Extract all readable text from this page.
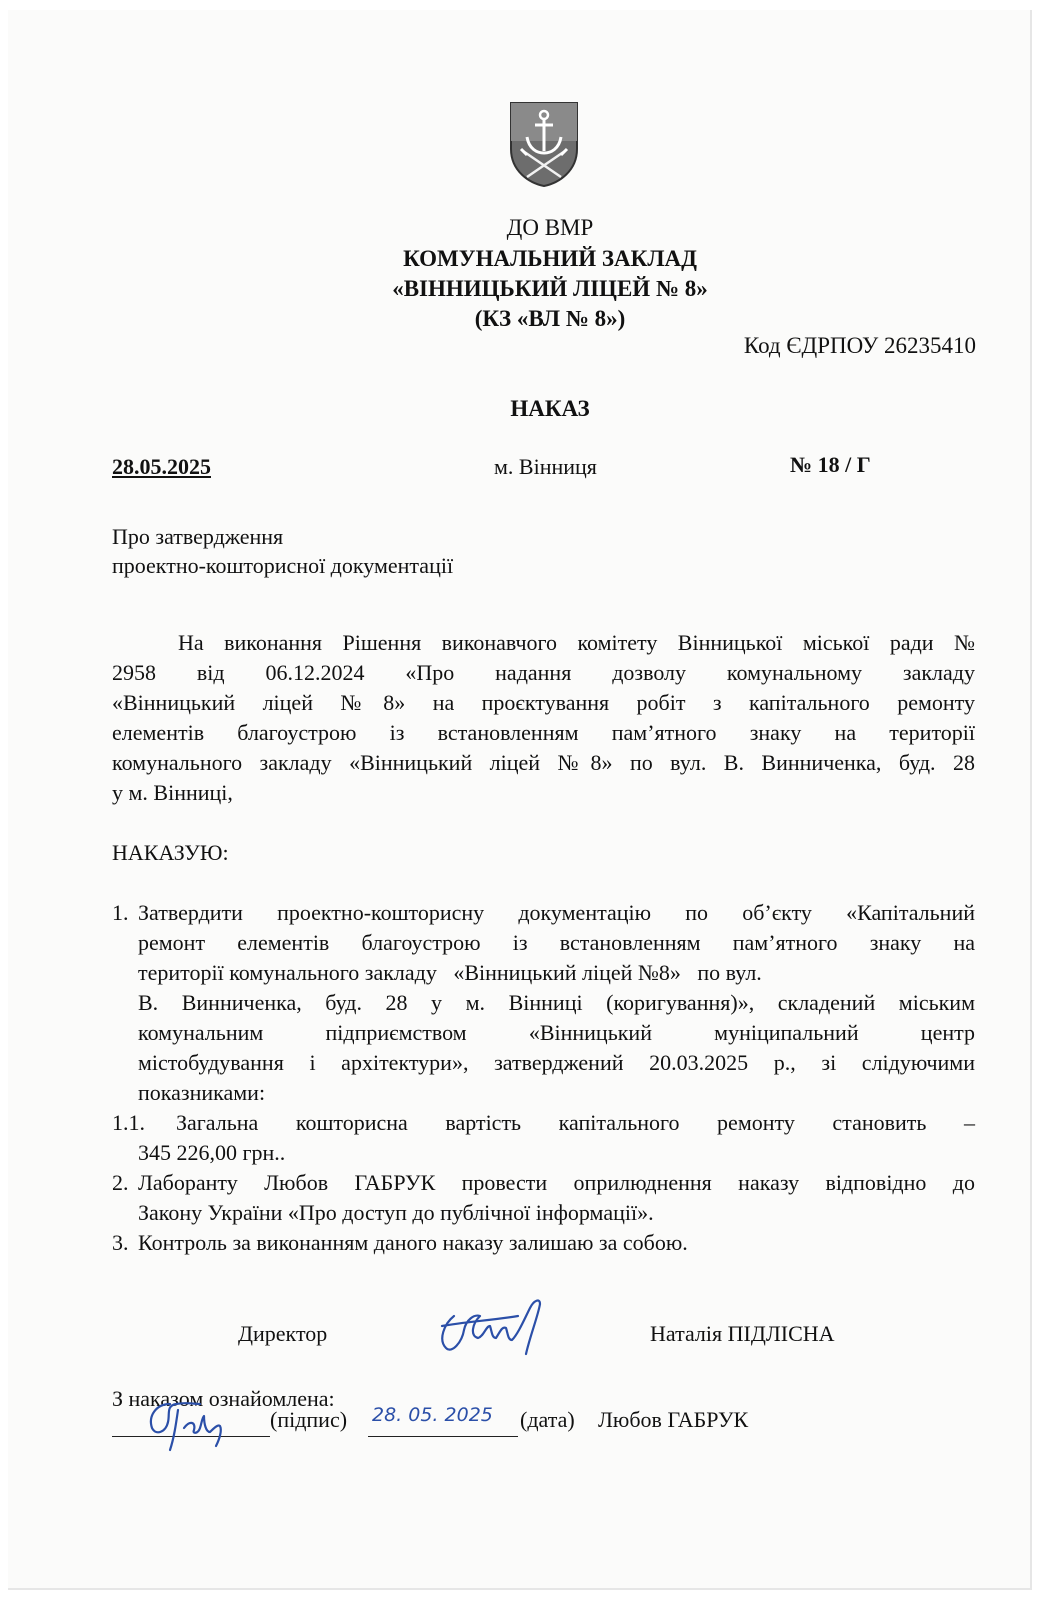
ДО ВМР
КОМУНАЛЬНИЙ ЗАКЛАД
«ВІННИЦЬКИЙ ЛІЦЕЙ № 8»
(КЗ «ВЛ № 8»)
Код ЄДРПОУ 26235410
НАКАЗ
28.05.2025	м. Вінниця	№ 18 / Г
Про затвердження
проектно-кошторисної документації
На виконання Рішення виконавчого комітету Вінницької міської ради №
2958 від 06.12.2024 «Про надання дозволу комунальному закладу
«Вінницький ліцей №8» на проєктування робіт з капітального ремонту
елементів благоустрою із встановленням пам’ятного знаку на території
комунального закладу «Вінницький ліцей №8» по вул. В. Винниченка, буд. 28
у м. Вінниці,
НАКАЗУЮ:
1. Затвердити проектно-кошторисну документацію по об’єкту «Капітальний
ремонт елементів благоустрою із встановленням пам’ятного знаку на
території комунального закладу   «Вінницький ліцей №8»   по вул.
В. Винниченка, буд. 28 у м. Вінниці (коригування)», складений міським
комунальним підприємством «Вінницький муніципальний центр
містобудування і архітектури», затверджений 20.03.2025 р., зі слідуючими
показниками:
1.1. Загальна кошторисна вартість капітального ремонту становить –
345 226,00 грн..
2. Лаборанту Любов ГАБРУК провести оприлюднення наказу відповідно до
Закону України «Про доступ до публічної інформації».
3. Контроль за виконанням даного наказу залишаю за собою.
Директор	Наталія ПІДЛІСНА
З наказом ознайомлена:
(підпис) 28. 05. 2025 (дата) Любов ГАБРУК
